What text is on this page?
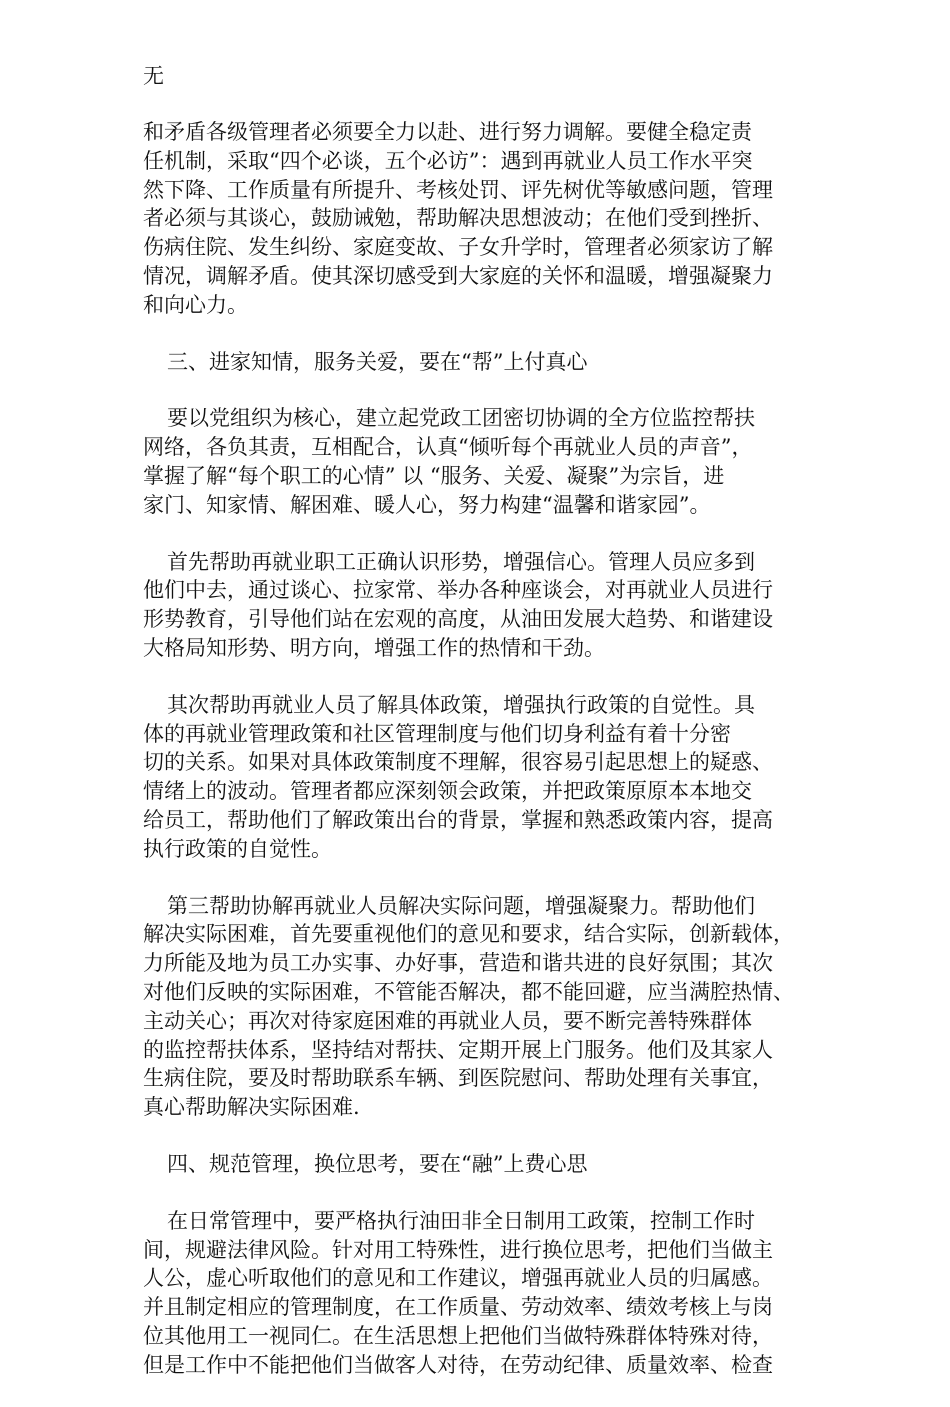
无
和矛盾各级管理者必须要全力以赴、进行努力调解。要健全稳定责
任机制，采取“四个必谈，五个必访”：遇到再就业人员工作水平突
然下降、工作质量有所提升、考核处罚、评先树优等敏感问题，管理
者必须与其谈心，鼓励诫勉，帮助解决思想波动；在他们受到挫折、
伤病住院、发生纠纷、家庭变故、子女升学时，管理者必须家访了解
情况，调解矛盾。使其深切感受到大家庭的关怀和温暖，增强凝聚力
和向心力。
三、进家知情，服务关爱，要在“帮”上付真心
要以党组织为核心，建立起党政工团密切协调的全方位监控帮扶
网络，各负其责，互相配合，认真“倾听每个再就业人员的声音”，
掌握了解“每个职工的心情” 以 “服务、关爱、凝聚”为宗旨，进
家门、知家情、解困难、暖人心，努力构建“温馨和谐家园”。
首先帮助再就业职工正确认识形势，增强信心。管理人员应多到
他们中去，通过谈心、拉家常、举办各种座谈会，对再就业人员进行
形势教育，引导他们站在宏观的高度，从油田发展大趋势、和谐建设
大格局知形势、明方向，增强工作的热情和干劲。
其次帮助再就业人员了解具体政策，增强执行政策的自觉性。具
体的再就业管理政策和社区管理制度与他们切身利益有着十分密
切的关系。如果对具体政策制度不理解，很容易引起思想上的疑惑、
情绪上的波动。管理者都应深刻领会政策，并把政策原原本本地交
给员工，帮助他们了解政策出台的背景，掌握和熟悉政策内容，提高
执行政策的自觉性。
第三帮助协解再就业人员解决实际问题，增强凝聚力。帮助他们
解决实际困难，首先要重视他们的意见和要求，结合实际，创新载体，
力所能及地为员工办实事、办好事，营造和谐共进的良好氛围；其次
对他们反映的实际困难，不管能否解决，都不能回避，应当满腔热情、
主动关心；再次对待家庭困难的再就业人员，要不断完善特殊群体
的监控帮扶体系，坚持结对帮扶、定期开展上门服务。他们及其家人
生病住院，要及时帮助联系车辆、到医院慰问、帮助处理有关事宜，
真心帮助解决实际困难.
四、规范管理，换位思考，要在“融”上费心思
在日常管理中，要严格执行油田非全日制用工政策，控制工作时
间，规避法律风险。针对用工特殊性，进行换位思考，把他们当做主
人公，虚心听取他们的意见和工作建议，增强再就业人员的归属感。
并且制定相应的管理制度，在工作质量、劳动效率、绩效考核上与岗
位其他用工一视同仁。在生活思想上把他们当做特殊群体特殊对待，
但是工作中不能把他们当做客人对待，在劳动纪律、质量效率、检查
